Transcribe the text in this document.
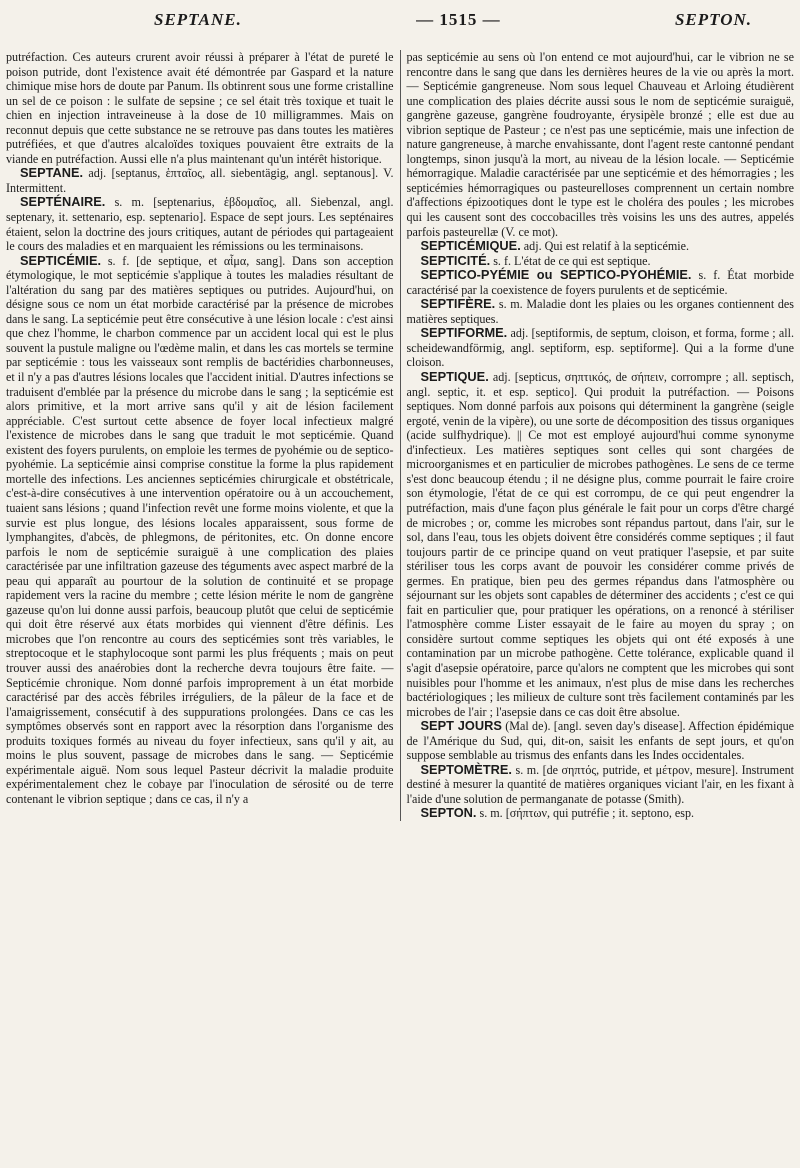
SEPTANE.	— 1515 —	SEPTON.

putréfaction. Ces auteurs crurent avoir réussi à préparer à l'état de pureté le poison putride, dont l'existence avait été démontrée par Gaspard et la nature chimique mise hors de doute par Panum. Ils obtinrent sous une forme cristalline un sel de ce poison : le sulfate de sepsine ; ce sel était très toxique et tuait le chien en injection intraveineuse à la dose de 10 milligrammes. Mais on reconnut depuis que cette substance ne se retrouve pas dans toutes les matières putréfiées, et que d'autres alcaloïdes toxiques pouvaient être extraits de la viande en putréfaction. Aussi elle n'a plus maintenant qu'un intérêt historique.

SEPTANE. adj. [septanus, ἑπταῖος, all. siebentägig, angl. septanous]. V. Intermittent.

SEPTÉNAIRE. s. m. [septenarius, ἑβδομαῖος, all. Siebenzal, angl. septenary, it. settenario, esp. septenario]. Espace de sept jours. Les septénaires étaient, selon la doctrine des jours critiques, autant de périodes qui partageaient le cours des maladies et en marquaient les rémissions ou les terminaisons.

SEPTICÉMIE. s. f. [de septique, et αἷμα, sang]. Dans son acception étymologique, le mot septicémie s'applique à toutes les maladies résultant de l'altération du sang par des matières septiques ou putrides. Aujourd'hui, on désigne sous ce nom un état morbide caractérisé par la présence de microbes dans le sang. La septicémie peut être consécutive à une lésion locale : c'est ainsi que chez l'homme, le charbon commence par un accident local qui est le plus souvent la pustule maligne ou l'œdème malin, et dans les cas mortels se termine par septicémie : tous les vaisseaux sont remplis de bactéridies charbonneuses, et il n'y a pas d'autres lésions locales que l'accident initial. D'autres infections se traduisent d'emblée par la présence du microbe dans le sang ; la septicémie est alors primitive, et la mort arrive sans qu'il y ait de lésion facilement appréciable. C'est surtout cette absence de foyer local infectieux malgré l'existence de microbes dans le sang que traduit le mot septicémie. Quand existent des foyers purulents, on emploie les termes de pyohémie ou de septico-pyohémie. La septicémie ainsi comprise constitue la forme la plus rapidement mortelle des infections. Les anciennes septicémies chirurgicale et obstétricale, c'est-à-dire consécutives à une intervention opératoire ou à un accouchement, tuaient sans lésions ; quand l'infection revêt une forme moins violente, et que la survie est plus longue, des lésions locales apparaissent, sous forme de lymphangites, d'abcès, de phlegmons, de péritonites, etc. On donne encore parfois le nom de septicémie suraiguë à une complication des plaies caractérisée par une infiltration gazeuse des téguments avec aspect marbré de la peau qui apparaît au pourtour de la solution de continuité et se propage rapidement vers la racine du membre ; cette lésion mérite le nom de gangrène gazeuse qu'on lui donne aussi parfois, beaucoup plutôt que celui de septicémie qui doit être réservé aux états morbides qui viennent d'être définis. Les microbes que l'on rencontre au cours des septicémies sont très variables, le streptocoque et le staphylocoque sont parmi les plus fréquents ; mais on peut trouver aussi des anaérobies dont la recherche devra toujours être faite. — Septicémie chronique. Nom donné parfois improprement à un état morbide caractérisé par des accès fébriles irréguliers, de la pâleur de la face et de l'amaigrissement, consécutif à des suppurations prolongées. Dans ce cas les symptômes observés sont en rapport avec la résorption dans l'organisme des produits toxiques formés au niveau du foyer infectieux, sans qu'il y ait, au moins le plus souvent, passage de microbes dans le sang. — Septicémie expérimentale aiguë. Nom sous lequel Pasteur décrivit la maladie produite expérimentalement chez le cobaye par l'inoculation de sérosité ou de terre contenant le vibrion septique ; dans ce cas, il n'y a

pas septicémie au sens où l'on entend ce mot aujourd'hui, car le vibrion ne se rencontre dans le sang que dans les dernières heures de la vie ou après la mort. — Septicémie gangreneuse. Nom sous lequel Chauveau et Arloing étudièrent une complication des plaies décrite aussi sous le nom de septicémie suraiguë, gangrène gazeuse, gangrène foudroyante, érysipèle bronzé ; elle est due au vibrion septique de Pasteur ; ce n'est pas une septicémie, mais une infection de nature gangreneuse, à marche envahissante, dont l'agent reste cantonné pendant longtemps, sinon jusqu'à la mort, au niveau de la lésion locale. — Septicémie hémorragique. Maladie caractérisée par une septicémie et des hémorragies ; les septicémies hémorragiques ou pasteurelloses comprennent un certain nombre d'affections épizootiques dont le type est le choléra des poules ; les microbes qui les causent sont des coccobacilles très voisins les uns des autres, appelés parfois pasteurellæ (V. ce mot).

SEPTICÉMIQUE. adj. Qui est relatif à la septicémie.

SEPTICITÉ. s. f. L'état de ce qui est septique.

SEPTICO-PYÉMIE ou SEPTICO-PYOHÉMIE. s. f. État morbide caractérisé par la coexistence de foyers purulents et de septicémie.

SEPTIFÈRE. s. m. Maladie dont les plaies ou les organes contiennent des matières septiques.

SEPTIFORME. adj. [septiformis, de septum, cloison, et forma, forme ; all. scheidewandförmig, angl. septiform, esp. septiforme]. Qui a la forme d'une cloison.

SEPTIQUE. adj. [septicus, σηπτικός, de σήπειν, corrompre ; all. septisch, angl. septic, it. et esp. septico]. Qui produit la putréfaction. — Poisons septiques. Nom donné parfois aux poisons qui déterminent la gangrène (seigle ergoté, venin de la vipère), ou une sorte de décomposition des tissus organiques (acide sulfhydrique). || Ce mot est employé aujourd'hui comme synonyme d'infectieux. Les matières septiques sont celles qui sont chargées de microorganismes et en particulier de microbes pathogènes. Le sens de ce terme s'est donc beaucoup étendu ; il ne désigne plus, comme pourrait le faire croire son étymologie, l'état de ce qui est corrompu, de ce qui peut engendrer la putréfaction, mais d'une façon plus générale le fait pour un corps d'être chargé de microbes ; or, comme les microbes sont répandus partout, dans l'air, sur le sol, dans l'eau, tous les objets doivent être considérés comme septiques ; il faut toujours partir de ce principe quand on veut pratiquer l'asepsie, et par suite stériliser tous les corps avant de pouvoir les considérer comme privés de germes. En pratique, bien peu des germes répandus dans l'atmosphère ou séjournant sur les objets sont capables de déterminer des accidents ; c'est ce qui fait en particulier que, pour pratiquer les opérations, on a renoncé à stériliser l'atmosphère comme Lister essayait de le faire au moyen du spray ; on considère surtout comme septiques les objets qui ont été exposés à une contamination par un microbe pathogène. Cette tolérance, explicable quand il s'agit d'asepsie opératoire, parce qu'alors ne comptent que les microbes qui sont nuisibles pour l'homme et les animaux, n'est plus de mise dans les recherches bactériologiques ; les milieux de culture sont très facilement contaminés par les microbes de l'air ; l'asepsie dans ce cas doit être absolue.

SEPT JOURS (Mal de). [angl. seven day's disease]. Affection épidémique de l'Amérique du Sud, qui, dit-on, saisit les enfants de sept jours, et qu'on suppose semblable au trismus des enfants dans les Indes occidentales.

SEPTOMÈTRE. s. m. [de σηπτός, putride, et μέτρον, mesure]. Instrument destiné à mesurer la quantité de matières organiques viciant l'air, en les fixant à l'aide d'une solution de permanganate de potasse (Smith).

SEPTON. s. m. [σήπτων, qui putréfie ; it. septono, esp.
